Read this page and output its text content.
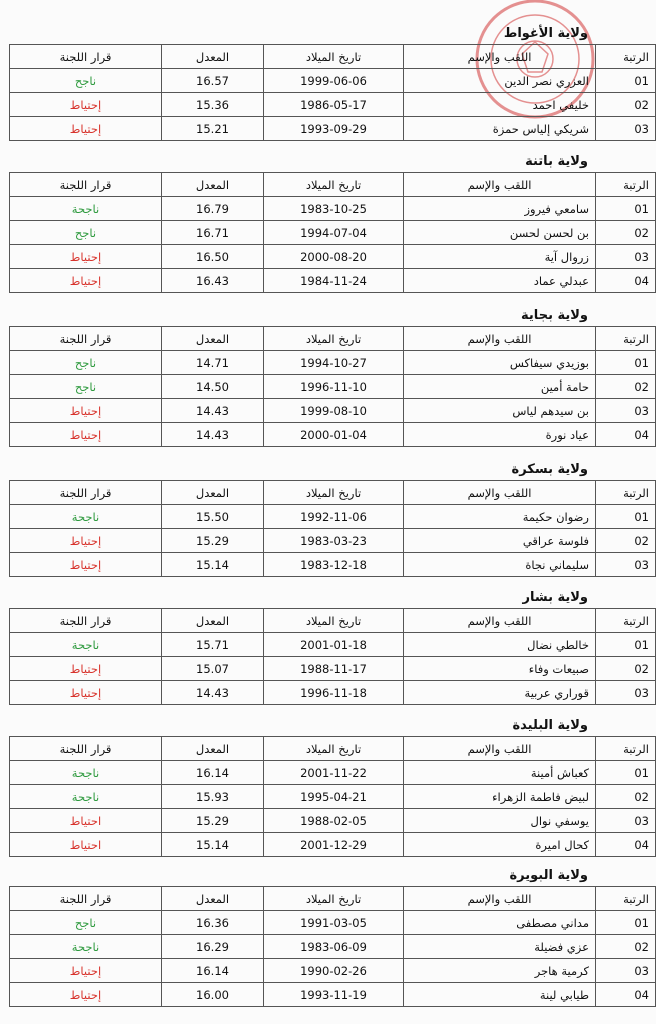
ولاية الأغواط
الرتبة	اللقب والإسم	تاريخ الميلاد	المعدل	قرار اللجنة
01	العزري نصر الدين	1999-06-06	16.57	ناجح
02	خليفي احمد	1986-05-17	15.36	إحتياط
03	شريكي إلياس حمزة	1993-09-29	15.21	إحتياط
ولاية باتنة
الرتبة	اللقب والإسم	تاريخ الميلاد	المعدل	قرار اللجنة
01	سامعي فيروز	1983-10-25	16.79	ناجحة
02	بن لحسن لحسن	1994-07-04	16.71	ناجح
03	زروال آية	2000-08-20	16.50	إحتياط
04	عبدلي عماد	1984-11-24	16.43	إحتياط
ولاية بجاية
الرتبة	اللقب والإسم	تاريخ الميلاد	المعدل	قرار اللجنة
01	بوزيدي سيفاكس	1994-10-27	14.71	ناجح
02	حامة أمين	1996-11-10	14.50	ناجح
03	بن سيدهم لياس	1999-08-10	14.43	إحتياط
04	عياد نورة	2000-01-04	14.43	إحتياط
ولاية بسكرة
الرتبة	اللقب والإسم	تاريخ الميلاد	المعدل	قرار اللجنة
01	رضوان حكيمة	1992-11-06	15.50	ناجحة
02	فلوسة عراقي	1983-03-23	15.29	إحتياط
03	سليماني نجاة	1983-12-18	15.14	إحتياط
ولاية بشار
الرتبة	اللقب والإسم	تاريخ الميلاد	المعدل	قرار اللجنة
01	خالطي نضال	2001-01-18	15.71	ناجحة
02	صبيعات وفاء	1988-11-17	15.07	إحتياط
03	قوراري عربية	1996-11-18	14.43	إحتياط
ولاية البليدة
الرتبة	اللقب والإسم	تاريخ الميلاد	المعدل	قرار اللجنة
01	كعباش أمينة	2001-11-22	16.14	ناجحة
02	لبيض فاطمة الزهراء	1995-04-21	15.93	ناجحة
03	يوسفي نوال	1988-02-05	15.29	احتياط
04	كحال اميرة	2001-12-29	15.14	احتياط
ولاية البويرة
الرتبة	اللقب والإسم	تاريخ الميلاد	المعدل	قرار اللجنة
01	مداني مصطفى	1991-03-05	16.36	ناجح
02	عزي فضيلة	1983-06-09	16.29	ناجحة
03	كرمية هاجر	1990-02-26	16.14	إحتياط
04	طيابي لينة	1993-11-19	16.00	إحتياط
